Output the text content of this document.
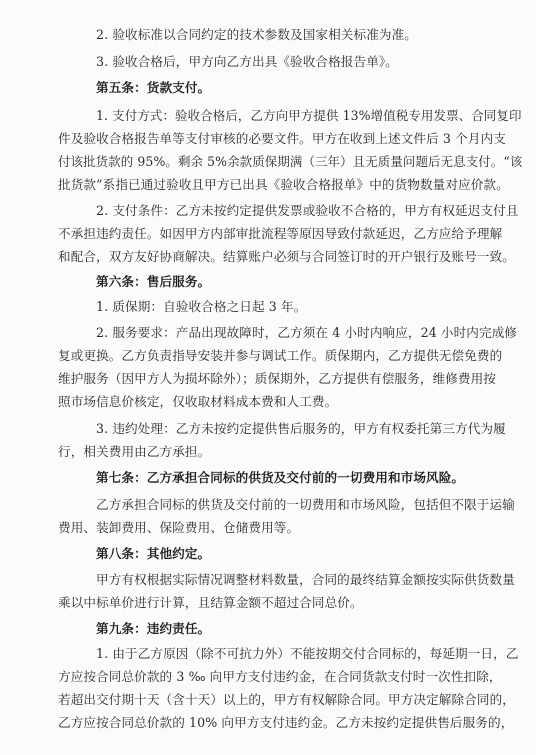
2. 验收标准以合同约定的技术参数及国家相关标准为准。
3. 验收合格后，甲方向乙方出具《验收合格报告单》。
第五条：货款支付。
1. 支付方式：验收合格后，乙方向甲方提供 13%增值税专用发票、合同复印
件及验收合格报告单等支付审核的必要文件。甲方在收到上述文件后 3 个月内支
付该批货款的 95%。剩余 5%余款质保期满（三年）且无质量问题后无息支付。“该
批货款”系指已通过验收且甲方已出具《验收合格报单》中的货物数量对应价款。
2. 支付条件：乙方未按约定提供发票或验收不合格的，甲方有权延迟支付且
不承担违约责任。如因甲方内部审批流程等原因导致付款延迟，乙方应给予理解
和配合，双方友好协商解决。结算账户必须与合同签订时的开户银行及账号一致。
第六条：售后服务。
1. 质保期：自验收合格之日起 3 年。
2. 服务要求：产品出现故障时，乙方须在 4 小时内响应，24 小时内完成修
复或更换。乙方负责指导安装并参与调试工作。质保期内，乙方提供无偿免费的
维护服务（因甲方人为损坏除外）；质保期外，乙方提供有偿服务，维修费用按
照市场信息价核定，仅收取材料成本费和人工费。
3. 违约处理：乙方未按约定提供售后服务的，甲方有权委托第三方代为履
行，相关费用由乙方承担。
第七条：乙方承担合同标的供货及交付前的一切费用和市场风险。
乙方承担合同标的供货及交付前的一切费用和市场风险，包括但不限于运输
费用、装卸费用、保险费用、仓储费用等。
第八条：其他约定。
甲方有权根据实际情况调整材料数量，合同的最终结算金额按实际供货数量
乘以中标单价进行计算，且结算金额不超过合同总价。
第九条：违约责任。
1. 由于乙方原因（除不可抗力外）不能按期交付合同标的，每延期一日，乙
方应按合同总价款的 3 ‰ 向甲方支付违约金，在合同货款支付时一次性扣除，
若超出交付期十天（含十天）以上的，甲方有权解除合同。甲方决定解除合同的，
乙方应按合同总价款的 10% 向甲方支付违约金。乙方未按约定提供售后服务的，
